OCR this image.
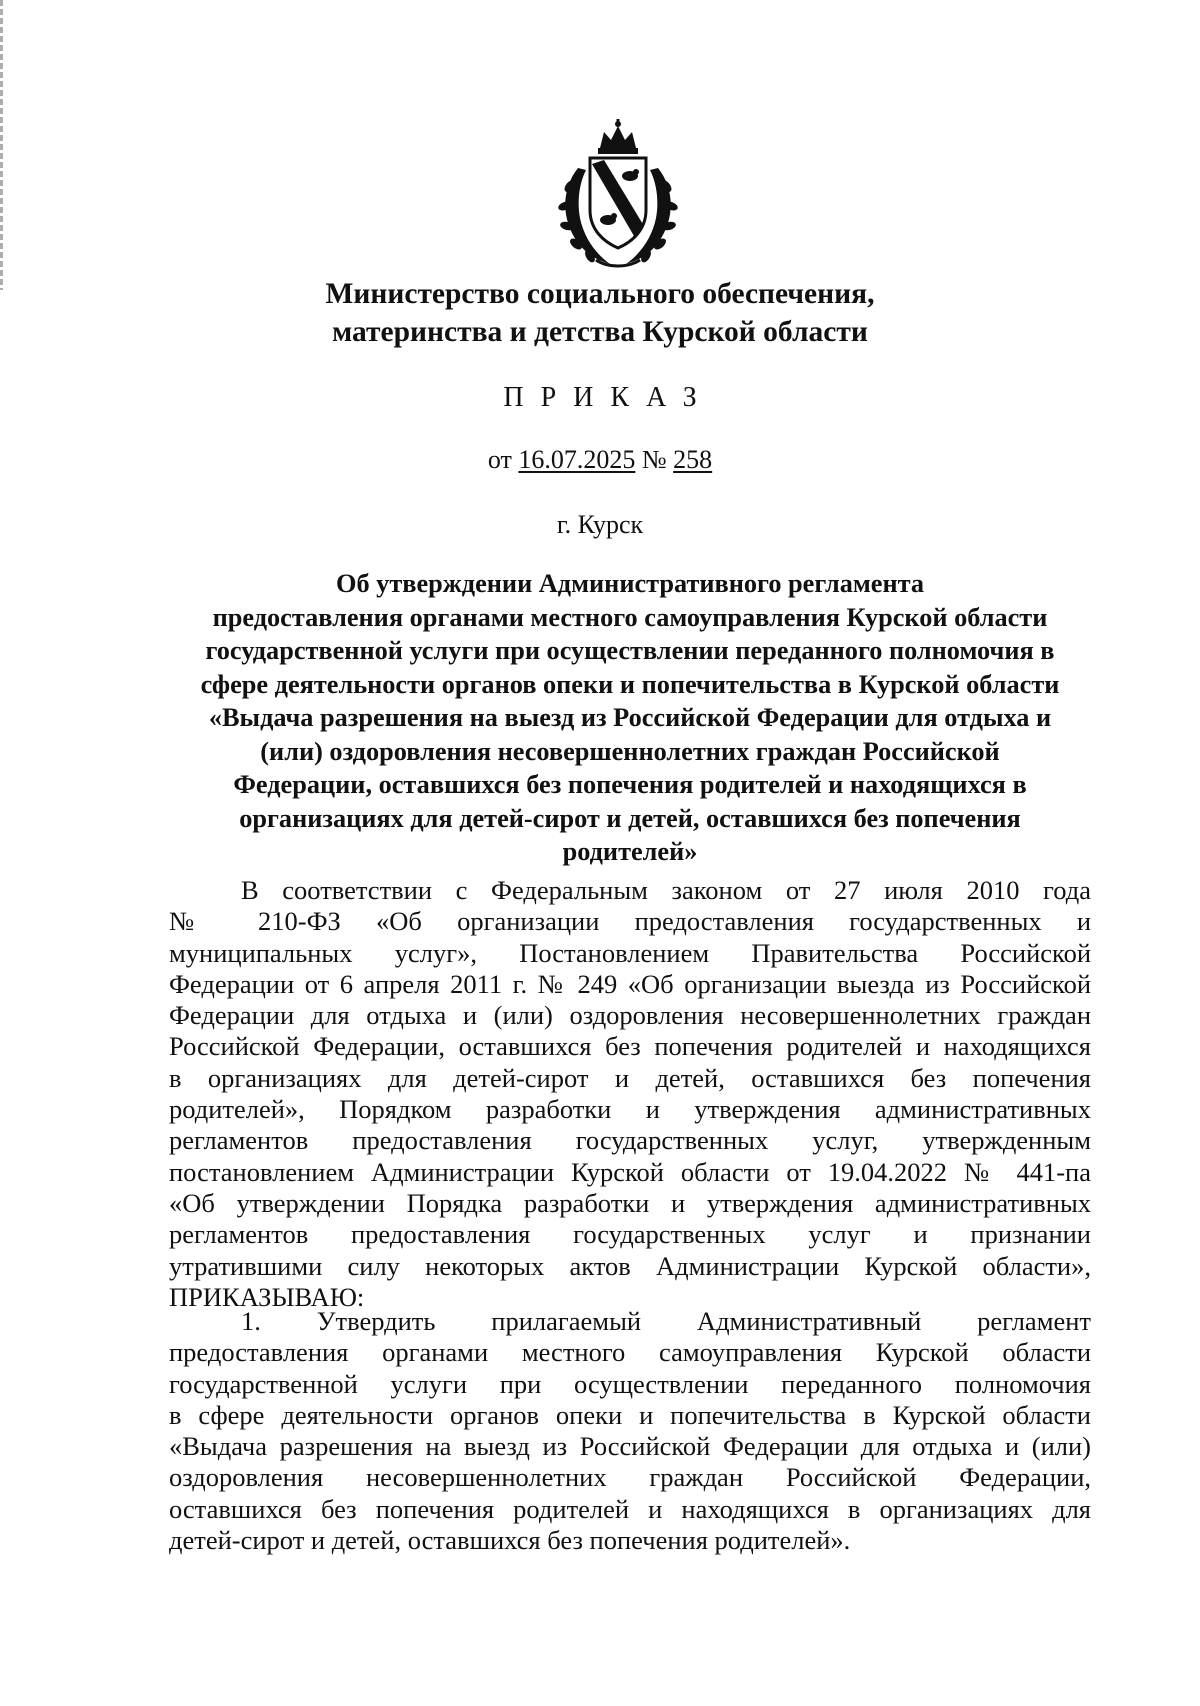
Министерство социального обеспечения,
материнства и детства Курской области
ПРИКАЗ
от 16.07.2025 № 258
г. Курск
Об утверждении Административного регламента
предоставления органами местного самоуправления Курской области
государственной услуги при осуществлении переданного полномочия в
сфере деятельности органов опеки и попечительства в Курской области
«Выдача разрешения на выезд из Российской Федерации для отдыха и
(или) оздоровления несовершеннолетних граждан Российской
Федерации, оставшихся без попечения родителей и находящихся в
организациях для детей-сирот и детей, оставшихся без попечения
родителей»
В соответствии с Федеральным законом от 27 июля 2010 года
№ 210-ФЗ «Об организации предоставления государственных и
муниципальных услуг», Постановлением Правительства Российской
Федерации от 6 апреля 2011 г. № 249 «Об организации выезда из Российской
Федерации для отдыха и (или) оздоровления несовершеннолетних граждан
Российской Федерации, оставшихся без попечения родителей и находящихся
в организациях для детей-сирот и детей, оставшихся без попечения
родителей», Порядком разработки и утверждения административных
регламентов предоставления государственных услуг, утвержденным
постановлением Администрации Курской области от 19.04.2022 № 441-па
«Об утверждении Порядка разработки и утверждения административных
регламентов предоставления государственных услуг и признании
утратившими силу некоторых актов Администрации Курской области»,
ПРИКАЗЫВАЮ:
1. Утвердить прилагаемый Административный регламент
предоставления органами местного самоуправления Курской области
государственной услуги при осуществлении переданного полномочия
в сфере деятельности органов опеки и попечительства в Курской области
«Выдача разрешения на выезд из Российской Федерации для отдыха и (или)
оздоровления несовершеннолетних граждан Российской Федерации,
оставшихся без попечения родителей и находящихся в организациях для
детей-сирот и детей, оставшихся без попечения родителей».
